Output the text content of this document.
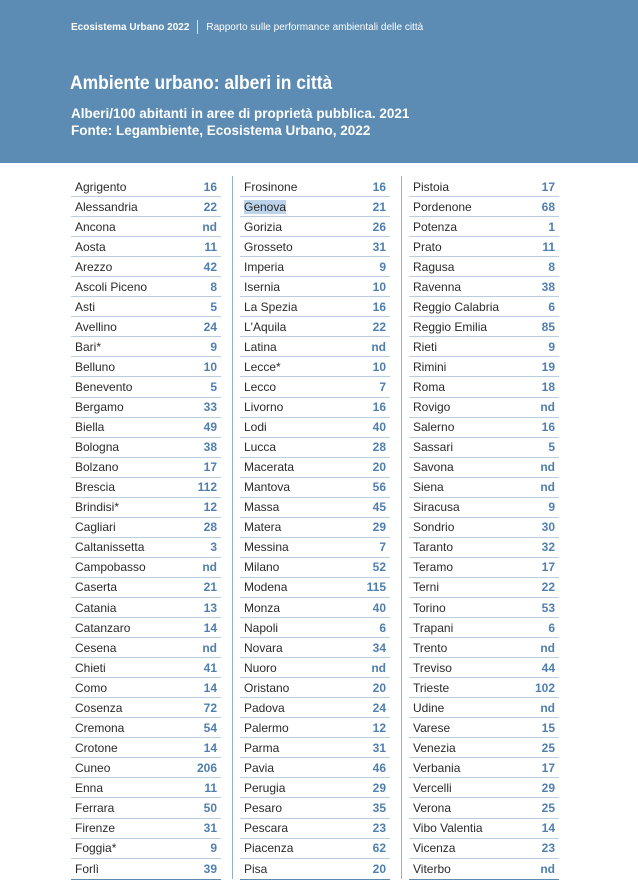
Ecosistema Urbano 2022 Rapporto sulle performance ambientali delle città
Ambiente urbano: alberi in città
Alberi/100 abitanti in aree di proprietà pubblica. 2021
Fonte: Legambiente, Ecosistema Urbano, 2022
Agrigento	16
Alessandria	22
Ancona	nd
Aosta	11
Arezzo	42
Ascoli Piceno	8
Asti	5
Avellino	24
Bari*	9
Belluno	10
Benevento	5
Bergamo	33
Biella	49
Bologna	38
Bolzano	17
Brescia	112
Brindisi*	12
Cagliari	28
Caltanissetta	3
Campobasso	nd
Caserta	21
Catania	13
Catanzaro	14
Cesena	nd
Chieti	41
Como	14
Cosenza	72
Cremona	54
Crotone	14
Cuneo	206
Enna	11
Ferrara	50
Firenze	31
Foggia*	9
Forlì	39
Frosinone	16
Genova	21
Gorizia	26
Grosseto	31
Imperia	9
Isernia	10
La Spezia	16
L'Aquila	22
Latina	nd
Lecce*	10
Lecco	7
Livorno	16
Lodi	40
Lucca	28
Macerata	20
Mantova	56
Massa	45
Matera	29
Messina	7
Milano	52
Modena	115
Monza	40
Napoli	6
Novara	34
Nuoro	nd
Oristano	20
Padova	24
Palermo	12
Parma	31
Pavia	46
Perugia	29
Pesaro	35
Pescara	23
Piacenza	62
Pisa	20
Pistoia	17
Pordenone	68
Potenza	1
Prato	11
Ragusa	8
Ravenna	38
Reggio Calabria	6
Reggio Emilia	85
Rieti	9
Rimini	19
Roma	18
Rovigo	nd
Salerno	16
Sassari	5
Savona	nd
Siena	nd
Siracusa	9
Sondrio	30
Taranto	32
Teramo	17
Terni	22
Torino	53
Trapani	6
Trento	nd
Treviso	44
Trieste	102
Udine	nd
Varese	15
Venezia	25
Verbania	17
Vercelli	29
Verona	25
Vibo Valentia	14
Vicenza	23
Viterbo	nd
